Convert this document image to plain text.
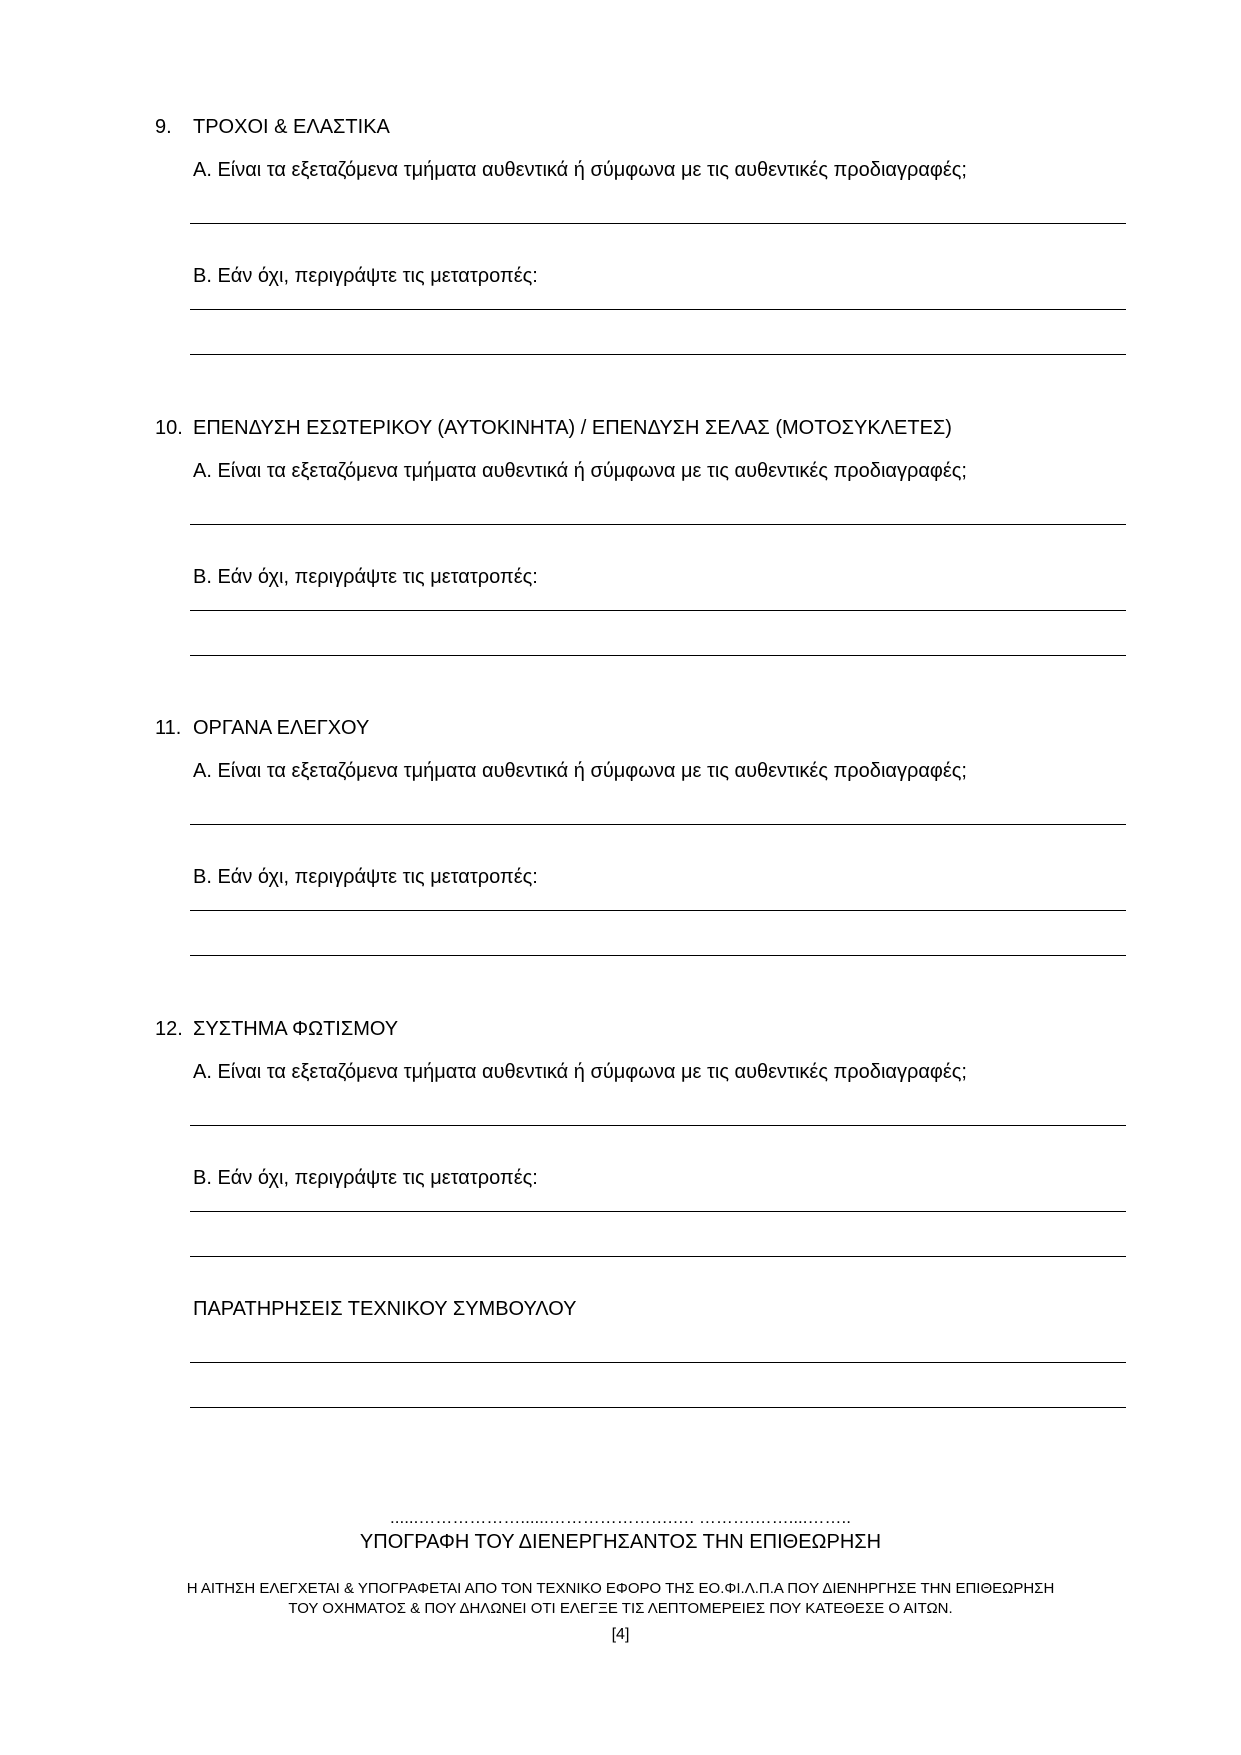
9. ΤΡΟΧΟΙ & ΕΛΑΣΤΙΚΑ
Α. Είναι τα εξεταζόμενα τμήματα αυθεντικά ή σύμφωνα με τις αυθεντικές προδιαγραφές;
Β. Εάν όχι, περιγράψτε τις μετατροπές:
10. ΕΠΕΝΔΥΣΗ ΕΣΩΤΕΡΙΚΟΥ (ΑΥΤΟΚΙΝΗΤΑ) / ΕΠΕΝΔΥΣΗ ΣΕΛΑΣ (ΜΟΤΟΣΥΚΛΕΤΕΣ)
Α. Είναι τα εξεταζόμενα τμήματα αυθεντικά ή σύμφωνα με τις αυθεντικές προδιαγραφές;
Β. Εάν όχι, περιγράψτε τις μετατροπές:
11. ΟΡΓΑΝΑ ΕΛΕΓΧΟΥ
Α. Είναι τα εξεταζόμενα τμήματα αυθεντικά ή σύμφωνα με τις αυθεντικές προδιαγραφές;
Β. Εάν όχι, περιγράψτε τις μετατροπές:
12. ΣΥΣΤΗΜΑ ΦΩΤΙΣΜΟΥ
Α. Είναι τα εξεταζόμενα τμήματα αυθεντικά ή σύμφωνα με τις αυθεντικές προδιαγραφές;
Β. Εάν όχι, περιγράψτε τις μετατροπές:
ΠΑΡΑΤΗΡΗΣΕΙΣ ΤΕΧΝΙΚΟΥ ΣΥΜΒΟΥΛΟΥ
......………………......………………….…. ……….……....……..
ΥΠΟΓΡΑΦΗ ΤΟΥ ΔΙΕΝΕΡΓΗΣΑΝΤΟΣ ΤΗΝ ΕΠΙΘΕΩΡΗΣΗ
Η ΑΙΤΗΣΗ ΕΛΕΓΧΕΤΑΙ & ΥΠΟΓΡΑΦΕΤΑΙ ΑΠΟ ΤΟΝ ΤΕΧΝΙΚΟ ΕΦΟΡΟ ΤΗΣ ΕΟ.ΦΙ.Λ.Π.Α ΠΟΥ ΔΙΕΝΗΡΓΗΣΕ ΤΗΝ ΕΠΙΘΕΩΡΗΣΗ
ΤΟΥ ΟΧΗΜΑΤΟΣ & ΠΟΥ ΔΗΛΩΝΕΙ ΟΤΙ ΕΛΕΓΞΕ ΤΙΣ ΛΕΠΤΟΜΕΡΕΙΕΣ ΠΟΥ ΚΑΤΕΘΕΣΕ Ο ΑΙΤΩΝ.
[4]
